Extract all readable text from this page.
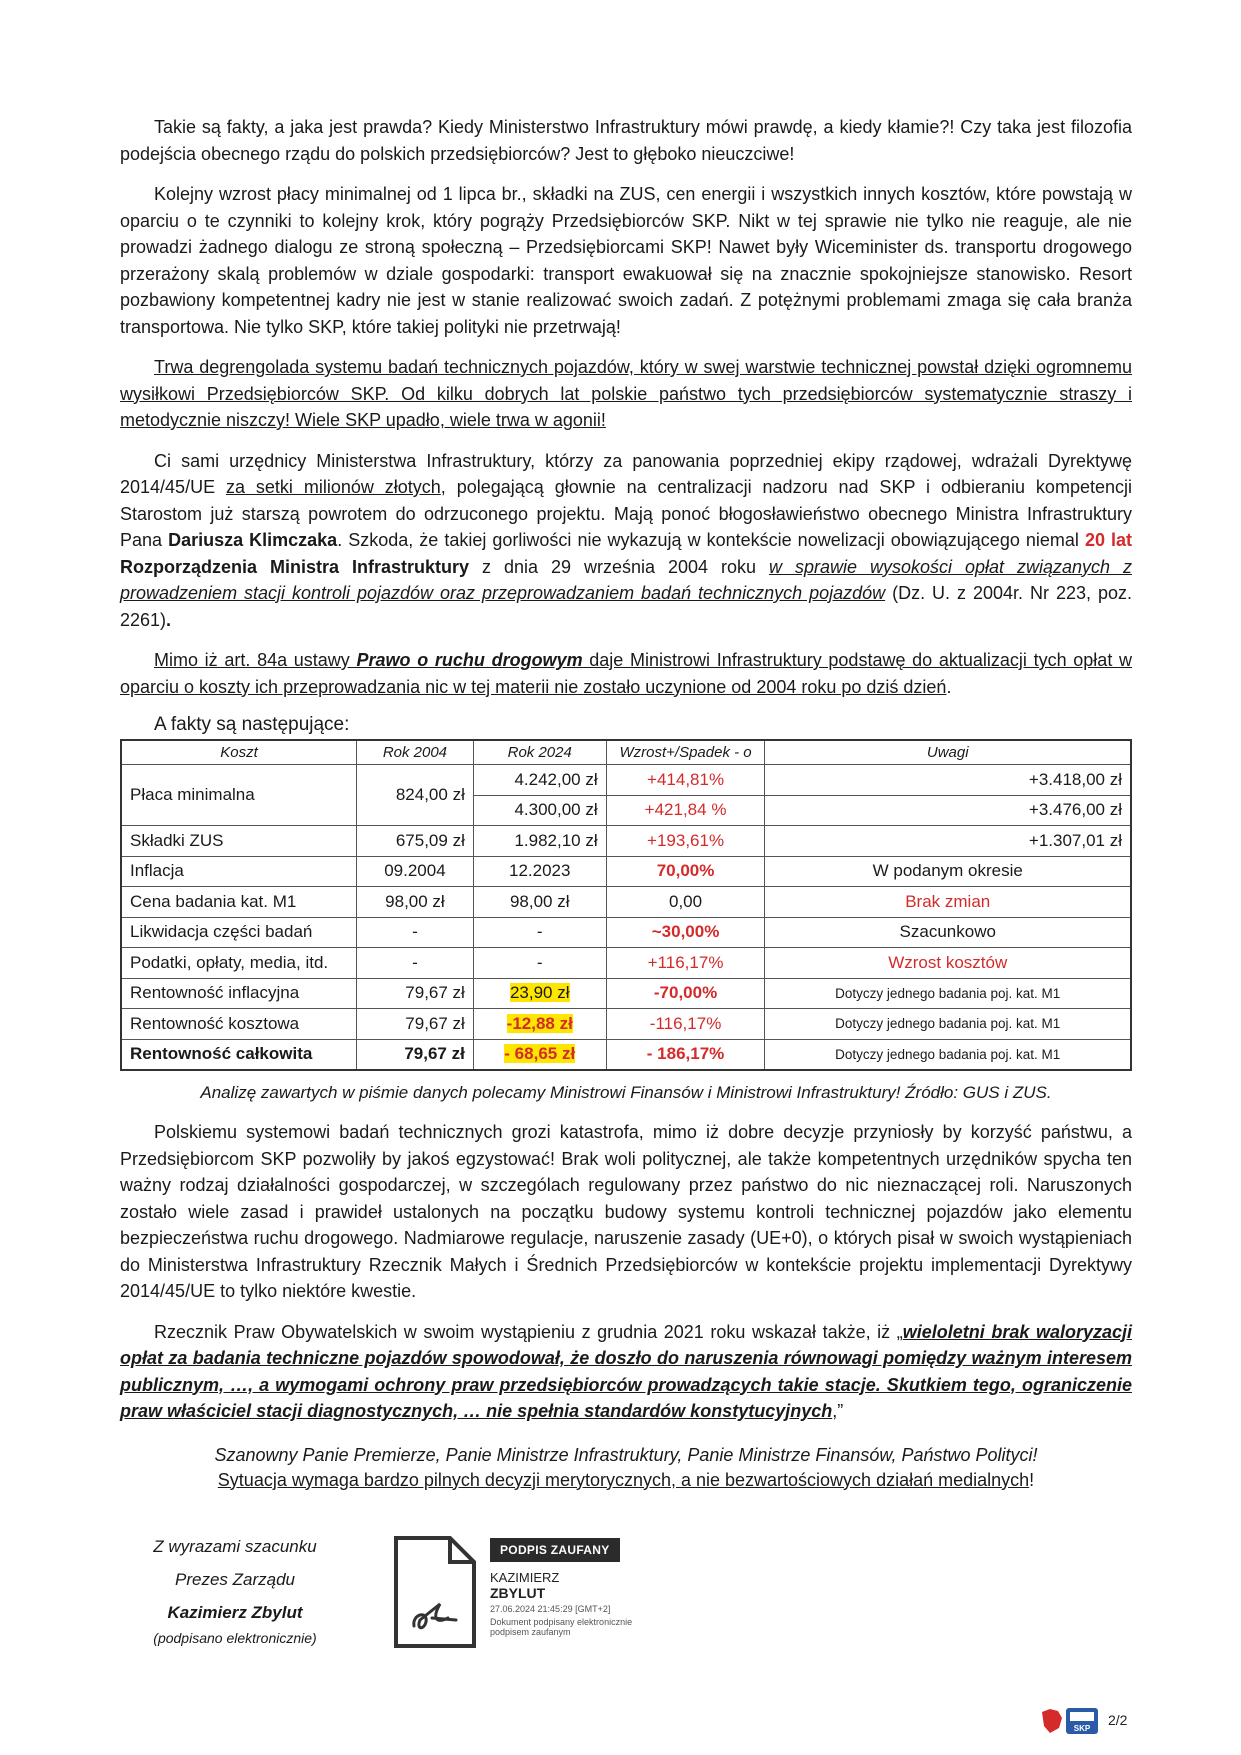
Takie są fakty, a jaka jest prawda? Kiedy Ministerstwo Infrastruktury mówi prawdę, a kiedy kłamie?! Czy taka jest filozofia podejścia obecnego rządu do polskich przedsiębiorców? Jest to głęboko nieuczciwe!

Kolejny wzrost płacy minimalnej od 1 lipca br., składki na ZUS, cen energii i wszystkich innych kosztów, które powstają w oparciu o te czynniki to kolejny krok, który pogrąży Przedsiębiorców SKP. Nikt w tej sprawie nie tylko nie reaguje, ale nie prowadzi żadnego dialogu ze stroną społeczną – Przedsiębiorcami SKP! Nawet były Wiceminister ds. transportu drogowego przerażony skalą problemów w dziale gospodarki: transport ewakuował się na znacznie spokojniejsze stanowisko. Resort pozbawiony kompetentnej kadry nie jest w stanie realizować swoich zadań. Z potężnymi problemami zmaga się cała branża transportowa. Nie tylko SKP, które takiej polityki nie przetrwają!

Trwa degrengolada systemu badań technicznych pojazdów, który w swej warstwie technicznej powstał dzięki ogromnemu wysiłkowi Przedsiębiorców SKP. Od kilku dobrych lat polskie państwo tych przedsiębiorców systematycznie straszy i metodycznie niszczy! Wiele SKP upadło, wiele trwa w agonii!

Ci sami urzędnicy Ministerstwa Infrastruktury, którzy za panowania poprzedniej ekipy rządowej, wdrażali Dyrektywę 2014/45/UE za setki milionów złotych, polegającą głownie na centralizacji nadzoru nad SKP i odbieraniu kompetencji Starostom już starszą powrotem do odrzuconego projektu. Mają ponoć błogosławieństwo obecnego Ministra Infrastruktury Pana Dariusza Klimczaka. Szkoda, że takiej gorliwości nie wykazują w kontekście nowelizacji obowiązującego niemal 20 lat Rozporządzenia Ministra Infrastruktury z dnia 29 września 2004 roku w sprawie wysokości opłat związanych z prowadzeniem stacji kontroli pojazdów oraz przeprowadzaniem badań technicznych pojazdów (Dz. U. z 2004r. Nr 223, poz. 2261).

Mimo iż art. 84a ustawy Prawo o ruchu drogowym daje Ministrowi Infrastruktury podstawę do aktualizacji tych opłat w oparciu o koszty ich przeprowadzania nic w tej materii nie zostało uczynione od 2004 roku po dziś dzień.

A fakty są następujące:
Koszt	Rok 2004	Rok 2024	Wzrost+/Spadek - o	Uwagi
Płaca minimalna	824,00 zł	4.242,00 zł	+414,81%	+3.418,00 zł
		4.300,00 zł	+421,84 %	+3.476,00 zł
Składki ZUS	675,09 zł	1.982,10 zł	+193,61%	+1.307,01 zł
Inflacja	09.2004	12.2023	70,00%	W podanym okresie
Cena badania kat. M1	98,00 zł	98,00 zł	0,00	Brak zmian
Likwidacja części badań	-	-	~30,00%	Szacunkowo
Podatki, opłaty, media, itd.	-	-	+116,17%	Wzrost kosztów
Rentowność inflacyjna	79,67 zł	23,90 zł	-70,00%	Dotyczy jednego badania poj. kat. M1
Rentowność kosztowa	79,67 zł	-12,88 zł	-116,17%	Dotyczy jednego badania poj. kat. M1
Rentowność całkowita	79,67 zł	- 68,65 zł	- 186,17%	Dotyczy jednego badania poj. kat. M1
Analizę zawartych w piśmie danych polecamy Ministrowi Finansów i Ministrowi Infrastruktury! Źródło: GUS i ZUS.

Polskiemu systemowi badań technicznych grozi katastrofa, mimo iż dobre decyzje przyniosły by korzyść państwu, a Przedsiębiorcom SKP pozwoliły by jakoś egzystować! Brak woli politycznej, ale także kompetentnych urzędników spycha ten ważny rodzaj działalności gospodarczej, w szczególach regulowany przez państwo do nic nieznaczącej roli. Naruszonych zostało wiele zasad i prawideł ustalonych na początku budowy systemu kontroli technicznej pojazdów jako elementu bezpieczeństwa ruchu drogowego. Nadmiarowe regulacje, naruszenie zasady (UE+0), o których pisał w swoich wystąpieniach do Ministerstwa Infrastruktury Rzecznik Małych i Średnich Przedsiębiorców w kontekście projektu implementacji Dyrektywy 2014/45/UE to tylko niektóre kwestie.

Rzecznik Praw Obywatelskich w swoim wystąpieniu z grudnia 2021 roku wskazał także, iż „wieloletni brak waloryzacji opłat za badania techniczne pojazdów spowodował, że doszło do naruszenia równowagi pomiędzy ważnym interesem publicznym, …, a wymogami ochrony praw przedsiębiorców prowadzących takie stacje. Skutkiem tego, ograniczenie praw właściciel stacji diagnostycznych, … nie spełnia standardów konstytucyjnych,”

Szanowny Panie Premierze, Panie Ministrze Infrastruktury, Panie Ministrze Finansów, Państwo Polityci!
Sytuacja wymaga bardzo pilnych decyzji merytorycznych, a nie bezwartościowych działań medialnych!
Z wyrazami szacunku
Prezes Zarządu
Kazimierz Zbylut
(podpisano elektronicznie)
PODPIS ZAUFANY
KAZIMIERZ
ZBYLUT
27.06.2024 21:45:29 [GMT+2]
Dokument podpisany elektronicznie podpisem zaufanym
SKP
2/2
